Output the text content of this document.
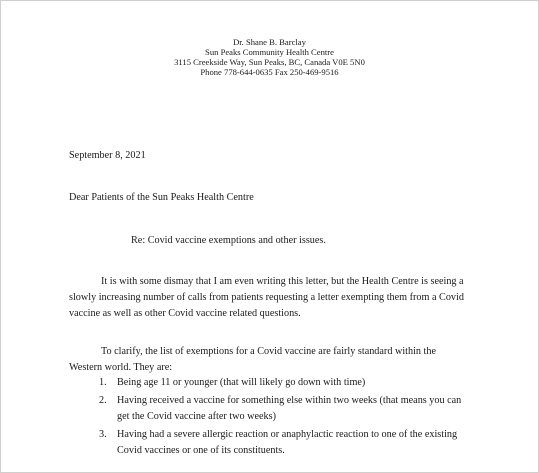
Dr. Shane B. Barclay
Sun Peaks Community Health Centre
3115 Creekside Way, Sun Peaks, BC, Canada V0E 5N0
Phone 778-644-0635 Fax 250-469-9516
September 8, 2021
Dear Patients of the Sun Peaks Health Centre
Re: Covid vaccine exemptions and other issues.
It is with some dismay that I am even writing this letter, but the Health Centre is seeing a
slowly increasing number of calls from patients requesting a letter exempting them from a Covid
vaccine as well as other Covid vaccine related questions.
To clarify, the list of exemptions for a Covid vaccine are fairly standard within the
Western world. They are:
1. Being age 11 or younger (that will likely go down with time)
2. Having received a vaccine for something else within two weeks (that means you can
get the Covid vaccine after two weeks)
3. Having had a severe allergic reaction or anaphylactic reaction to one of the existing
Covid vaccines or one of its constituents.
